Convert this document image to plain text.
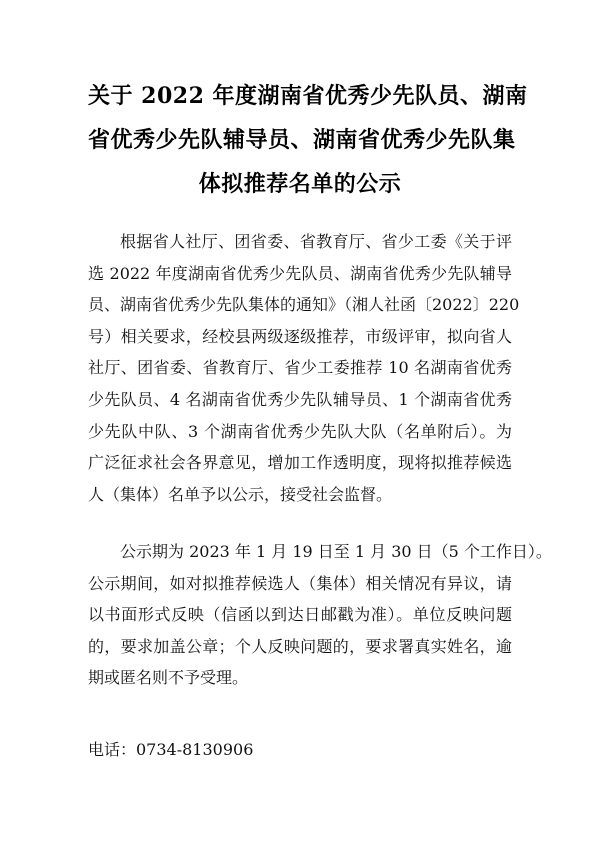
关于 2022 年度湖南省优秀少先队员、湖南
省优秀少先队辅导员、湖南省优秀少先队集
体拟推荐名单的公示
根据省人社厅、团省委、省教育厅、省少工委《关于评
选 2022 年度湖南省优秀少先队员、湖南省优秀少先队辅导
员、湖南省优秀少先队集体的通知》（湘人社函〔2022〕220
号）相关要求，经校县两级逐级推荐，市级评审，拟向省人
社厅、团省委、省教育厅、省少工委推荐 10 名湖南省优秀
少先队员、4 名湖南省优秀少先队辅导员、1 个湖南省优秀
少先队中队、3 个湖南省优秀少先队大队（名单附后）。为
广泛征求社会各界意见，增加工作透明度，现将拟推荐候选
人（集体）名单予以公示，接受社会监督。
公示期为 2023 年 1 月 19 日至 1 月 30 日（5 个工作日）。
公示期间，如对拟推荐候选人（集体）相关情况有异议，请
以书面形式反映（信函以到达日邮戳为准）。单位反映问题
的，要求加盖公章；个人反映问题的，要求署真实姓名，逾
期或匿名则不予受理。
电话：0734-8130906
